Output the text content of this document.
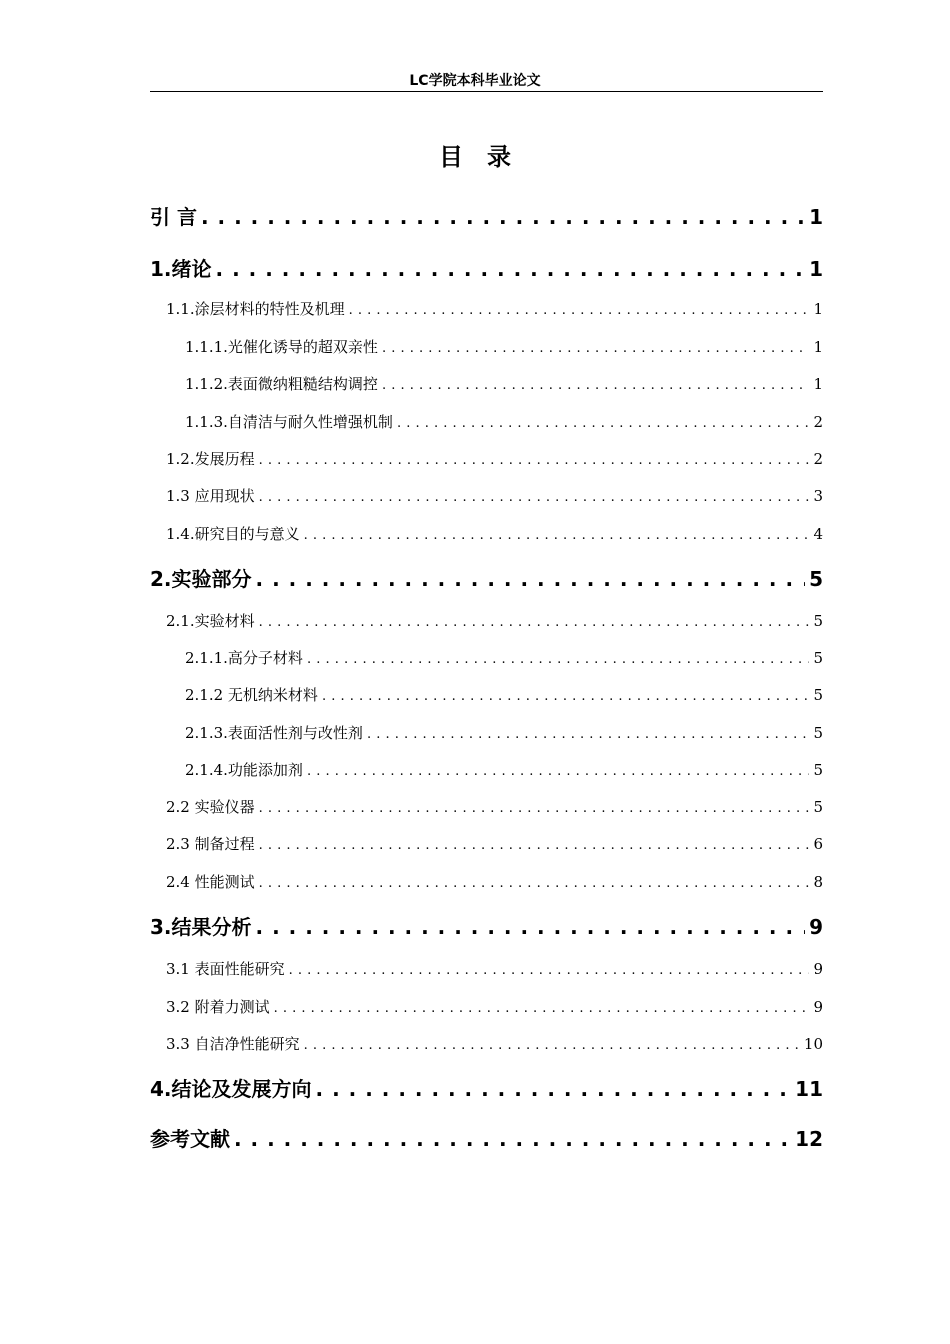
LC学院本科毕业论文
目录
引 言 . . .	1
1.绪论 . . .	1
1.1.涂层材料的特性及机理 . . .	1
1.1.1.光催化诱导的超双亲性 . . .	1
1.1.2.表面微纳粗糙结构调控 . . .	1
1.1.3.自清洁与耐久性增强机制 . . .	2
1.2.发展历程 . . .	2
1.3 应用现状 . . .	3
1.4.研究目的与意义 . . .	4
2.实验部分 . . .	5
2.1.实验材料 . . .	5
2.1.1.高分子材料 . . .	5
2.1.2 无机纳米材料 . . .	5
2.1.3.表面活性剂与改性剂 . . .	5
2.1.4.功能添加剂 . . .	5
2.2 实验仪器 . . .	5
2.3 制备过程 . . .	6
2.4 性能测试 . . .	8
3.结果分析 . . .	9
3.1 表面性能研究 . . .	9
3.2 附着力测试 . . .	9
3.3 自洁净性能研究 . . .	10
4.结论及发展方向 . . .	11
参考文献 . . .	12
